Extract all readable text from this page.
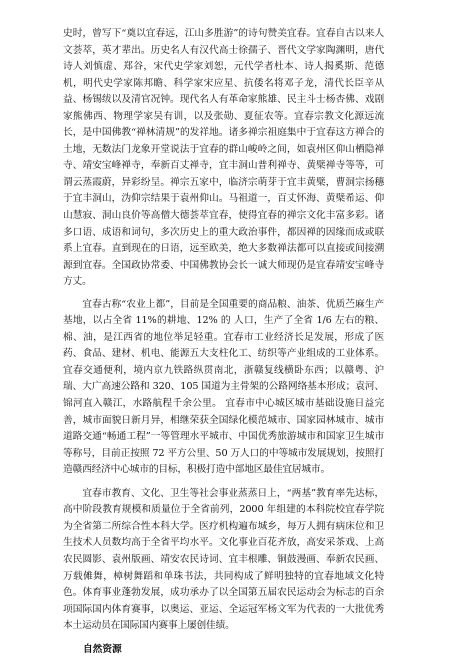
史时，曾写下“奠以宜春远，江山多胜游”的诗句赞美宜春。宜春自古以来人文荟萃，英才辈出。历史名人有汉代高士徐孺子、晋代文学家陶渊明，唐代诗人刘慎虚、郑谷，宋代史学家刘恕，元代学者杜本、诗人揭奚斯、范德机，明代史学家陈邦瞻、科学家宋应星、抗倭名将邓子龙，清代长臣辛从益、杨锡绂以及清官况钟。现代名人有革命家熊雄、民主斗士杨杏佛、戏剧家熊佛西、物理学家吴有训，以及张勋、夏征农等。宜春宗教文化源远流长，是中国佛教“禅林清规”的发祥地。诸多禅宗祖庭集中于宜春这方禅合的土地，无数法门龙象开堂说法于宜春的群山峻岭之间，如袁州区仰山栖隐禅寺、靖安宝峰禅寺，奉新百丈禅寺，宜丰洞山普利禅寺、黄檗禅寺等等，可谓云蒸霞蔚，异彩纷呈。禅宗五家中，临济宗萌芽于宜丰黄檗，曹洞宗扬穗于宜丰洞山，沩仰宗结果于袁州仰山。马祖道一，百丈怀海、黄檗希运、仰山慧寂、洞山良价等高僧大德荟萃宜春，使得宜春的禅宗文化丰富多彩。诸多口语、成语和词句，多次历史上的重大政治事件，都因禅的因缘而成或联系上宜春。直到现在的日语，远至欧美，绝大多数禅法都可以直接或间接溯源到宜春。全国政协常委、中国佛教协会长一诚大师现仍是宜春靖安宝峰寺方丈。

宜春古称“农业上都”，目前是全国重要的商品粮、油茶、优质苎麻生产基地，以占全省 11%的耕地、12% 的 人口，生产了全省 1/6 左右的粮、棉、油，是江西省的地位举足轻重。宜春市工业经济长足发展，形成了医药、食品、建材、机电、能源五大支柱化工、纺织等产业组成的工业体系。宜春交通便利，境内京九铁路纵贯南北，浙赣复线横卧东西；以赣粤、沪瑞、大广高速公路和 320、105 国道为主骨架的公路网络基本形成；袁河、锦河直入赣江，水路航程千余公里。 宜春市中心城区城市基础设施日益完善，城市面貌日新月异，相继荣获全国绿化模范城市、国家园林城市、城市道路交通“畅通工程”一等管理水平城市、中国优秀旅游城市和国家卫生城市等称号，目前正按照 72 平方公里、50 万人口的中等城市发展规划，按照打造赣西经济中心城市的目标，积极打造中部地区最佳宜居城市。

宜春市教育、文化、卫生等社会事业蒸蒸日上，“两基”教育率先达标，高中阶段教育规模和质量位于全省前列，2000 年组建的本科院校宜春学院为全省第二所综合性本科大学。医疗机构遍布城乡，每万人拥有病床位和卫生技术人员数均高于全省平均水平。文化事业百花齐放，高安采茶戏、上高农民圆影、袁州版画、靖安农民诗词、宜丰根雕、铜鼓漫画、奉新农民画、万载傩舞，樟树舞蹈和单珠书法，共同构成了鲜明独特的宜春地域文化特色。体育事业蓬勃发展，成功承办了以全国第五届农民运动会为标志的百余项国际国内体育赛事，以奥运、亚运、全运冠军杨文军为代表的一大批优秀本土运动员在国际国内赛事上屡创佳绩。

自然资源
